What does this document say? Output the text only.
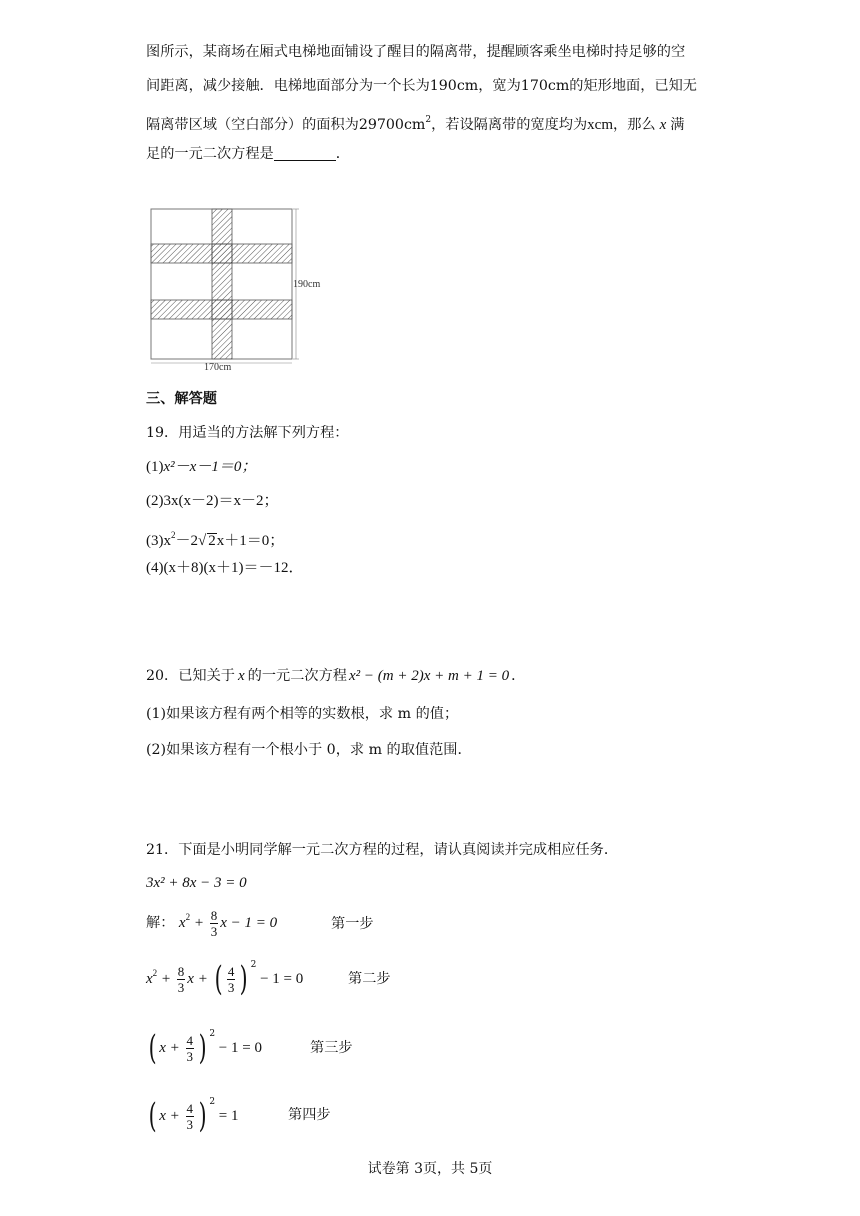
图所示，某商场在厢式电梯地面铺设了醒目的隔离带，提醒顾客乘坐电梯时持足够的空
间距离，减少接触．电梯地面部分为一个长为190cm，宽为170cm的矩形地面，已知无
隔离带区域（空白部分）的面积为$29700cm^2$，若设隔离带的宽度均为xcm，那么 x 满
足的一元二次方程是	．
190cm
170cm
三、解答题
19．用适当的方法解下列方程：
(1)x²－x－1＝0；
(2)3x(x－2)＝x－2；
$(3)x^2-2√$ 2x＋1＝0；
(4)(x＋8)(x＋1)＝－12．
20．已知关于 x 的一元二次方程 x² − (m + 2)x + m + 1 = 0 ．
(1)如果该方程有两个相等的实数根，求 m 的值；
(2)如果该方程有一个根小于 0，求 m 的取值范围．
21．下面是小明同学解一元二次方程的过程，请认真阅读并完成相应任务．
3x² + 8x − 3 = 0
解： $x^2 + \frac{8}{3}$ x − 1 = 0	第一步
$x^2 + \frac{8}{3}$ x + ( $\frac{4}{3}$ ) $^2$ − 1 = 0	第二步
( $x + \frac{4}{3}$ ) $^2$ − 1 = 0	第三步
( $x + \frac{4}{3}$ ) $^2$ = 1	第四步
试卷第 3页，共 5页
